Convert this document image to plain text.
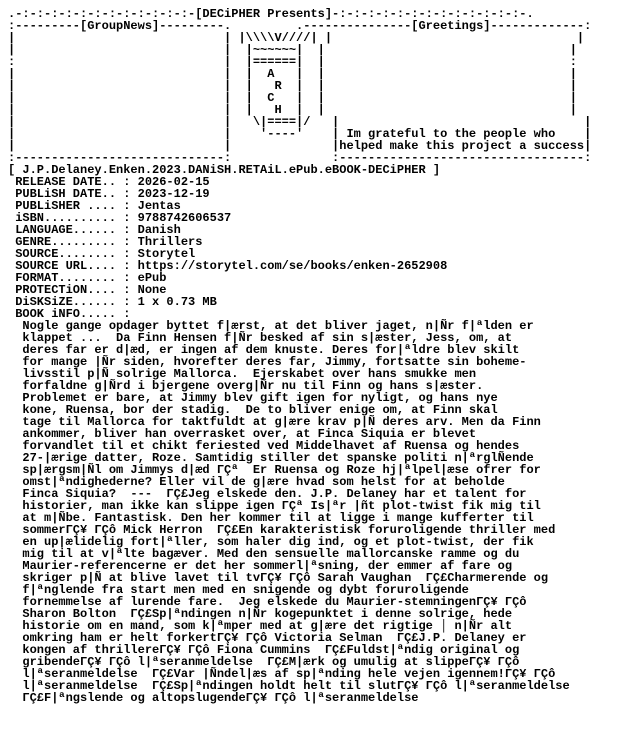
.-:-:-:-:-:-:-:-:-:-:-:-:-[DECiPHER Presents]-:-:-:-:-:-:-:-:-:-:-:-:-:-.
:---------[GroupNews]---------.         .---------------[Greetings]-------------:
|                             | |\\\\V////| |                                  |
|                             |  |~~~~~~|  |                                  |
:                             |  |======|  |                                  :
|                             |  |  A   |  |                                  |
|                             |  |   R  |  |                                  |
|                             |  |  C   |  |                                  |
|                             |  |   H  |  |                                  |
|                             |   \|====|/   |                                  |
|                             |    '----'    | Im grateful to the people who    |
|                             |              |helped make this project a success|
:-----------------------------:              :----------------------------------:
[ J.P.Delaney.Enken.2023.DANiSH.RETAiL.ePub.eBOOK-DECiPHER ]
RELEASE DATE.. : 2026-02-15
PUBLiSH DATE.. : 2023-12-19
PUBLiSHER .... : Jentas
iSBN.......... : 9788742606537
LANGUAGE...... : Danish
GENRE......... : Thrillers
SOURCE........ : Storytel
SOURCE URL.... : https://storytel.com/se/books/enken-2652908
FORMAT........ : ePub
PROTECTiON.... : None
DiSKSiZE...... : 1 x 0.73 MB
BOOK iNFO..... :
Nogle gange opdager byttet f|ærst, at det bliver jaget, n|Ñr f|ªlden er
klappet ...  Da Finn Hensen f|Ñr besked af sin s|æster, Jess, om, at
deres far er d|æd, er ingen af dem knuste. Deres for|ªldre blev skilt
for mange |Ñr siden, hvorefter deres far, Jimmy, fortsatte sin boheme-
livsstil p|Ñ solrige Mallorca.  Ejerskabet over hans smukke men
forfaldne g|Ñrd i bjergene overg|Ñr nu til Finn og hans s|æster.
Problemet er bare, at Jimmy blev gift igen for nyligt, og hans nye
kone, Ruensa, bor der stadig.  De to bliver enige om, at Finn skal
tage til Mallorca for taktfuldt at g|ære krav p|Ñ deres arv. Men da Finn
ankommer, bliver han overrasket over, at Finca Siquia er blevet
forvandlet til et chikt feriested ved Middelhavet af Ruensa og hendes
27-|ærige datter, Roze. Samtidig stiller det spanske politi n|ªrglÑende
sp|ærgsm|Ñl om Jimmys d|æd ΓÇª  Er Ruensa og Roze hj|ªlpel|æse ofrer for
omst|ªndighederne? Eller vil de g|ære hvad som helst for at beholde
Finca Siquia?  ---  ΓÇ£Jeg elskede den. J.P. Delaney har et talent for
historier, man ikke kan slippe igen ΓÇª Is|ªr |ñt plot-twist fik mig til
at m|Ñbe. Fantastisk. Den her kommer til at ligge i mange kufferter til
sommerΓÇ¥ ΓÇô Mick Herron  ΓÇ£En karakteristisk foruroligende thriller med
en up|ælidelig fort|ªller, som haler dig ind, og et plot-twist, der fik
mig til at v|ªlte bagæver. Med den sensuelle mallorcanske ramme og du
Maurier-referencerne er det her sommerl|ªsning, der emmer af fare og
skriger p|Ñ at blive lavet til tvΓÇ¥ ΓÇô Sarah Vaughan  ΓÇ£Charmerende og
f|ªnglende fra start men med en snigende og dybt foruroligende
fornemmelse af lurende fare.  Jeg elskede du Maurier-stemningenΓÇ¥ ΓÇô
Sharon Bolton  ΓÇ£Sp|ªndingen n|Ñr kogepunktet i denne solrige, hede
historie om en mand, som k|ªmper med at g|ære det rigtige │ n|Ñr alt
omkring ham er helt forkertΓÇ¥ ΓÇô Victoria Selman  ΓÇ£J.P. Delaney er
kongen af thrillereΓÇ¥ ΓÇô Fiona Cummins  ΓÇ£Fuldst|ªndig original og
gribendeΓÇ¥ ΓÇô l|ªseranmeldelse  ΓÇ£M|ærk og umulig at slippeΓÇ¥ ΓÇô
l|ªseranmeldelse  ΓÇ£Var |Ñndel|æs af sp|ªnding hele vejen igennem!ΓÇ¥ ΓÇô
l|ªseranmeldelse  ΓÇ£Sp|ªndingen holdt helt til slutΓÇ¥ ΓÇô l|ªseranmeldelse
ΓÇ£F|ªngslende og altopslugendeΓÇ¥ ΓÇô l|ªseranmeldelse
